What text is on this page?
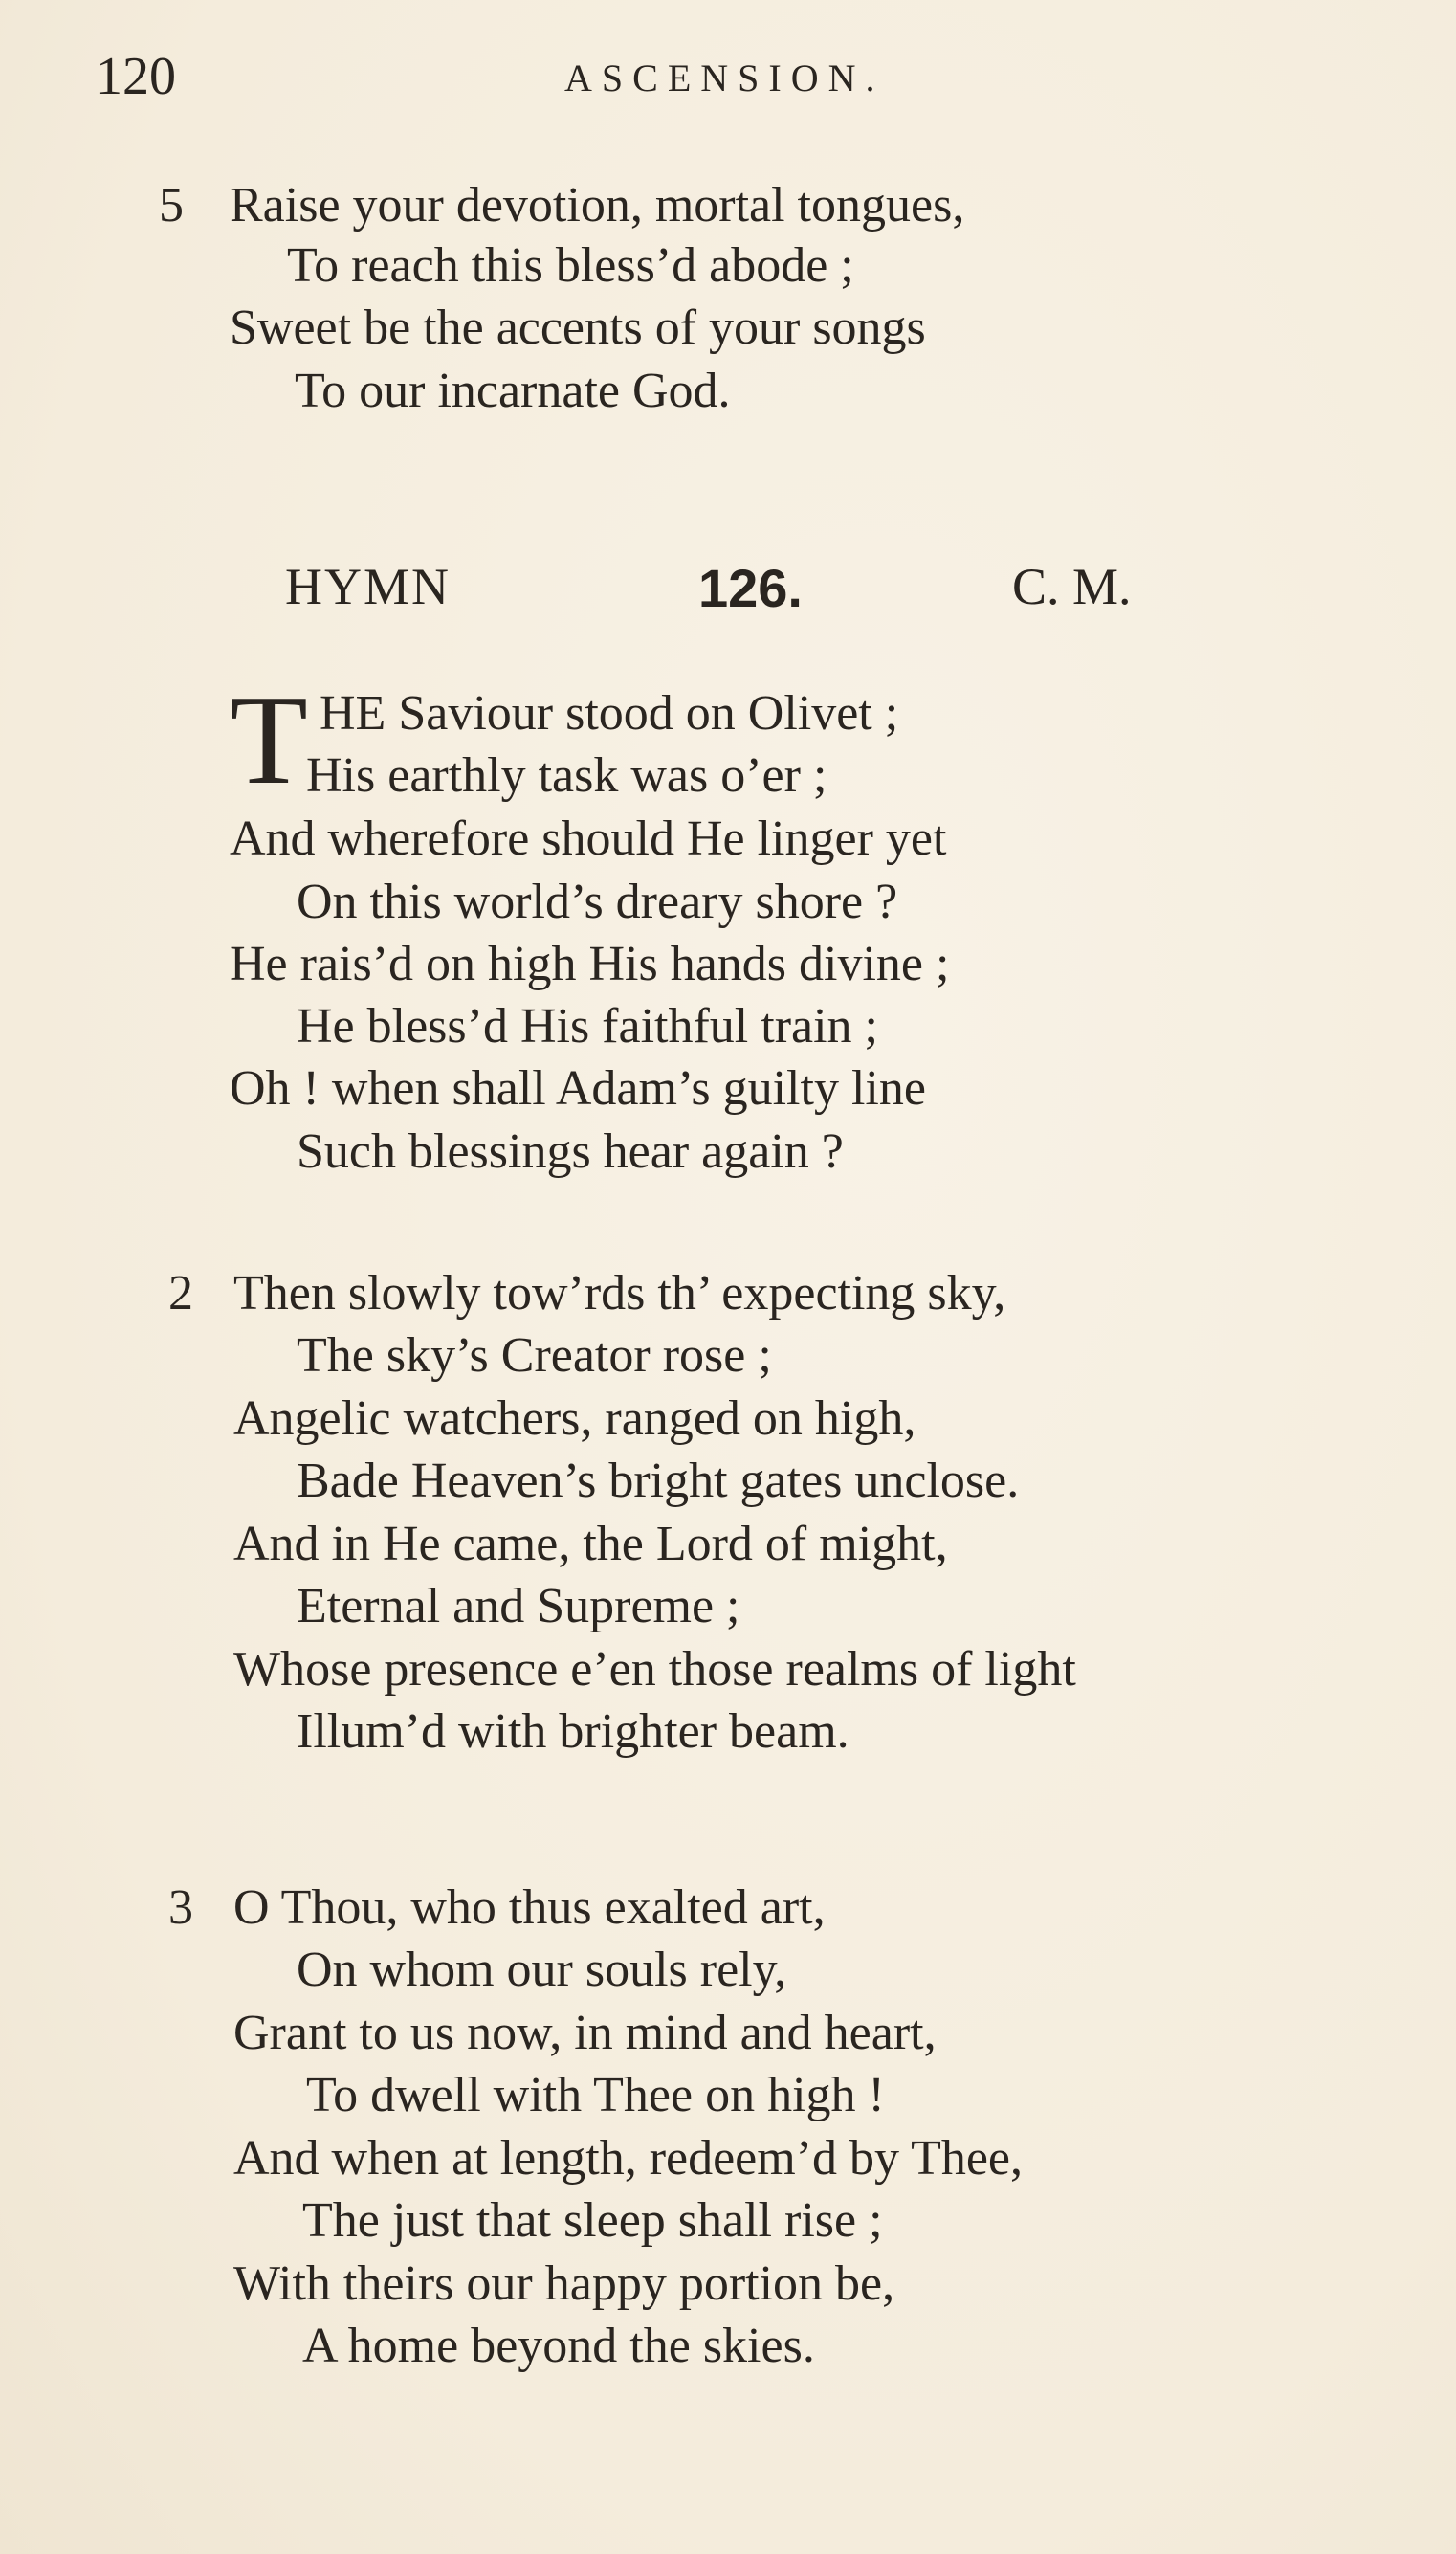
120	ASCENSION.
5 Raise your devotion, mortal tongues,
To reach this bless’d abode ;
Sweet be the accents of your songs
To our incarnate God.
HYMN	126.	C. M.
T HE Saviour stood on Olivet ;
His earthly task was o’er ;
And wherefore should He linger yet
On this world’s dreary shore ?
He rais’d on high His hands divine ;
He bless’d His faithful train ;
Oh ! when shall Adam’s guilty line
Such blessings hear again ?
2 Then slowly tow’rds th’ expecting sky,
The sky’s Creator rose ;
Angelic watchers, ranged on high,
Bade Heaven’s bright gates unclose.
And in He came, the Lord of might,
Eternal and Supreme ;
Whose presence e’en those realms of light
Illum’d with brighter beam.
3 O Thou, who thus exalted art,
On whom our souls rely,
Grant to us now, in mind and heart,
To dwell with Thee on high !
And when at length, redeem’d by Thee,
The just that sleep shall rise ;
With theirs our happy portion be,
A home beyond the skies.
